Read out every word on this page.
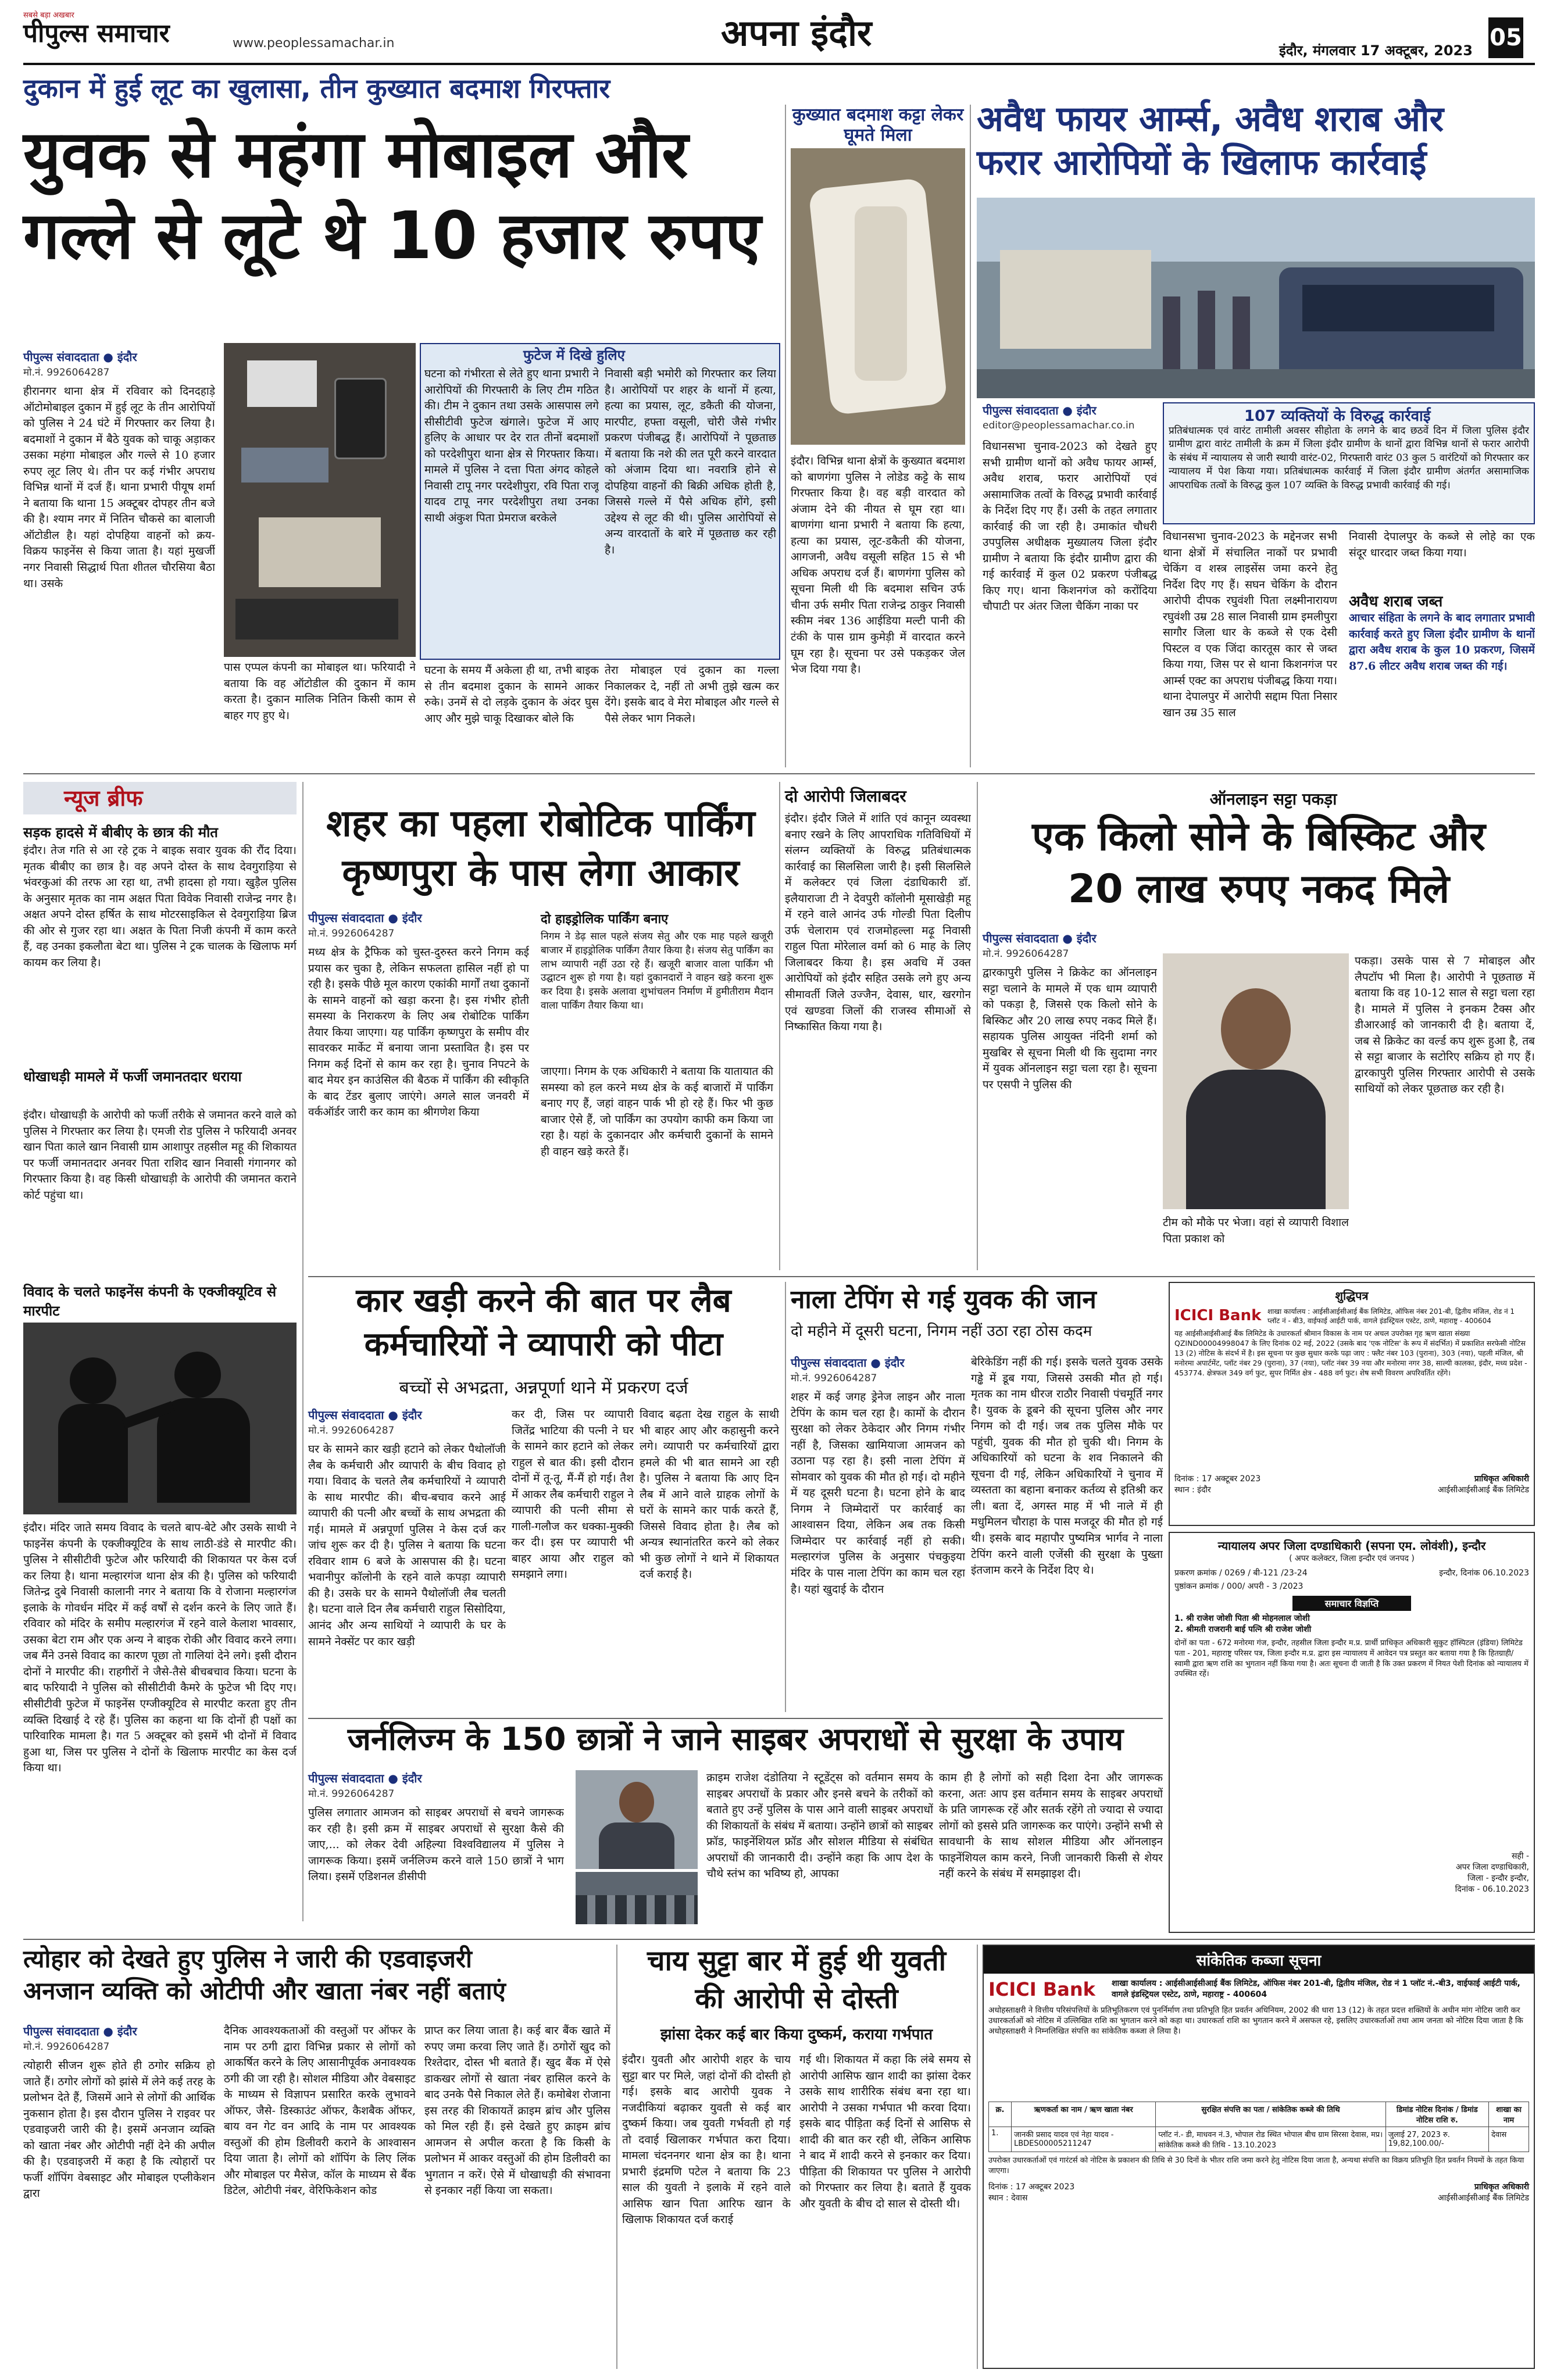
सबसे बड़ा अखबार
पीपुल्स समाचार	www.peoplessamachar.in	अपना इंदौर	इंदौर, मंगलवार 17 अक्टूबर, 2023 05
दुकान में हुई लूट का खुलासा, तीन कुख्यात बदमाश गिरफ्तार
युवक से महंगा मोबाइल और
गल्ले से लूटे थे 10 हजार रुपए
पीपुल्स संवाददाता ● इंदौर
मो.नं. 9926064287
हीरानगर थाना क्षेत्र में रविवार को दिनदहाड़े ऑटोमोबाइल दुकान में हुई लूट के तीन आरोपियों को पुलिस ने 24 घंटे में गिरफ्तार कर लिया है। बदमाशों ने दुकान में बैठे युवक को चाकू अड़ाकर उसका महंगा मोबाइल और गल्ले से 10 हजार रुपए लूट लिए थे। तीन पर कई गंभीर अपराध विभिन्न थानों में दर्ज हैं। थाना प्रभारी पीयूष शर्मा ने बताया कि थाना 15 अक्टूबर दोपहर तीन बजे की है। श्याम नगर में नितिन चौकसे का बालाजी ऑटोडील है। यहां दोपहिया वाहनों को क्रय-विक्रय फाइनेंस से किया जाता है। यहां मुखर्जी नगर निवासी सिद्धार्थ पिता शीतल चौरसिया बैठा था। उसके
पास एप्पल कंपनी का मोबाइल था। फरियादी ने बताया कि वह ऑटोडील की दुकान में काम करता है। दुकान मालिक नितिन किसी काम से बाहर गए हुए थे।
फुटेज में दिखे हुलिए
घटना को गंभीरता से लेते हुए थाना प्रभारी ने आरोपियों की गिरफ्तारी के लिए टीम गठित की। टीम ने दुकान तथा उसके आसपास लगे सीसीटीवी फुटेज खंगाले। फुटेज में आए हुलिए के आधार पर देर रात तीनों बदमाशों को परदेशीपुरा थाना क्षेत्र से गिरफ्तार किया। मामले में पुलिस ने दत्ता पिता अंगद कोहले निवासी टापू नगर परदेशीपुरा, रवि पिता राजू यादव टापू नगर परदेशीपुरा तथा उनका साथी अंकुश पिता प्रेमराज बरकेले
निवासी बड़ी भमोरी को गिरफ्तार कर लिया है। आरोपियों पर शहर के थानों में हत्या, हत्या का प्रयास, लूट, डकैती की योजना, मारपीट, हफ्ता वसूली, चोरी जैसे गंभीर प्रकरण पंजीबद्ध हैं। आरोपियों ने पूछताछ में बताया कि नशे की लत पूरी करने वारदात को अंजाम दिया था। नवरात्रि होने से दोपहिया वाहनों की बिक्री अधिक होती है, जिससे गल्ले में पैसे अधिक होंगे, इसी उद्देश्य से लूट की थी। पुलिस आरोपियों से अन्य वारदातों के बारे में पूछताछ कर रही है।
घटना के समय मैं अकेला ही था, तभी बाइक से तीन बदमाश दुकान के सामने आकर रुके। उनमें से दो लड़के दुकान के अंदर घुस आए और मुझे चाकू दिखाकर बोले कि
तेरा मोबाइल एवं दुकान का गल्ला निकालकर दे, नहीं तो अभी तुझे खत्म कर देंगे। इसके बाद वे मेरा मोबाइल और गल्ले से पैसे लेकर भाग निकले।
कुख्यात बदमाश कट्टा लेकर घूमते मिला
इंदौर। विभिन्न थाना क्षेत्रों के कुख्यात बदमाश को बाणगंगा पुलिस ने लोडेड कट्टे के साथ गिरफ्तार किया है। वह बड़ी वारदात को अंजाम देने की नीयत से घूम रहा था। बाणगंगा थाना प्रभारी ने बताया कि हत्या, हत्या का प्रयास, लूट-डकैती की योजना, आगजनी, अवैध वसूली सहित 15 से भी अधिक अपराध दर्ज हैं। बाणगंगा पुलिस को सूचना मिली थी कि बदमाश सचिन उर्फ चीना उर्फ समीर पिता राजेन्द्र ठाकुर निवासी स्कीम नंबर 136 आईडिया मल्टी पानी की टंकी के पास ग्राम कुमेड़ी में वारदात करने घूम रहा है। सूचना पर उसे पकड़कर जेल भेज दिया गया है।
अवैध फायर आर्म्स, अवैध शराब और
फरार आरोपियों के खिलाफ कार्रवाई
पीपुल्स संवाददाता ● इंदौर
editor@peoplessamachar.co.in
107 व्यक्तियों के विरुद्ध कार्रवाई
प्रतिबंधात्मक एवं वारंट तामीली अवसर सीहोता के लगने के बाद छठवें दिन में जिला पुलिस इंदौर ग्रामीण द्वारा वारंट तामीली के क्रम में जिला इंदौर ग्रामीण के थानों द्वारा विभिन्न थानों से फरार आरोपी के संबंध में न्यायालय से जारी स्थायी वारंट-02, गिरफ्तारी वारंट 03 कुल 5 वारंटियों को गिरफ्तार कर न्यायालय में पेश किया गया। प्रतिबंधात्मक कार्रवाई में जिला इंदौर ग्रामीण अंतर्गत असामाजिक आपराधिक तत्वों के विरुद्ध कुल 107 व्यक्ति के विरुद्ध प्रभावी कार्रवाई की गई।
विधानसभा चुनाव-2023 को देखते हुए सभी ग्रामीण थानों को अवैध फायर आर्म्स, अवैध शराब, फरार आरोपियों एवं असामाजिक तत्वों के विरुद्ध प्रभावी कार्रवाई के निर्देश दिए गए हैं। उसी के तहत लगातार कार्रवाई की जा रही है। उमाकांत चौधरी उपपुलिस अधीक्षक मुख्यालय जिला इंदौर ग्रामीण ने बताया कि इंदौर ग्रामीण द्वारा की गई कार्रवाई में कुल 02 प्रकरण पंजीबद्ध किए गए। थाना किशनगंज को करोंदिया चौपाटी पर अंतर जिला चैकिंग नाका पर
विधानसभा चुनाव-2023 के मद्देनजर सभी थाना क्षेत्रों में संचालित नाकों पर प्रभावी चेकिंग व शस्त्र लाइसेंस जमा करने हेतु निर्देश दिए गए हैं। सघन चेकिंग के दौरान आरोपी दीपक रघुवंशी पिता लक्ष्मीनारायण रघुवंशी उम्र 28 साल निवासी ग्राम इमलीपुरा सागौर जिला धार के कब्जे से एक देसी पिस्टल व एक जिंदा कारतूस कार से जब्त किया गया, जिस पर से थाना किशनगंज पर आर्म्स एक्ट का अपराध पंजीबद्ध किया गया। थाना देपालपुर में आरोपी सद्दाम पिता निसार खान उम्र 35 साल
निवासी देपालपुर के कब्जे से लोहे का एक संदूर धारदार जब्त किया गया।
अवैध शराब जब्त
आचार संहिता के लगने के बाद लगातार प्रभावी कार्रवाई करते हुए जिला इंदौर ग्रामीण के थानों द्वारा अवैध शराब के कुल 10 प्रकरण, जिसमें 87.6 लीटर अवैध शराब जब्त की गई।
न्यूज ब्रीफ
सड़क हादसे में बीबीए के छात्र की मौत
इंदौर। तेज गति से आ रहे ट्रक ने बाइक सवार युवक की रौंद दिया। मृतक बीबीए का छात्र है। वह अपने दोस्त के साथ देवगुराड़िया से भंवरकुआं की तरफ आ रहा था, तभी हादसा हो गया। खुड़ैल पुलिस के अनुसार मृतक का नाम अक्षत पिता विवेक निवासी राजेन्द्र नगर है। अक्षत अपने दोस्त हर्षित के साथ मोटरसाइकिल से देवगुराड़िया ब्रिज की ओर से गुजर रहा था। अक्षत के पिता निजी कंपनी में काम करते हैं, वह उनका इकलौता बेटा था। पुलिस ने ट्रक चालक के खिलाफ मर्ग कायम कर लिया है।
धोखाधड़ी मामले में फर्जी जमानतदार धराया
इंदौर। धोखाधड़ी के आरोपी को फर्जी तरीके से जमानत करने वाले को पुलिस ने गिरफ्तार कर लिया है। एमजी रोड पुलिस ने फरियादी अनवर खान पिता काले खान निवासी ग्राम आशापुर तहसील महू की शिकायत पर फर्जी जमानतदार अनवर पिता राशिद खान निवासी गंगानगर को गिरफ्तार किया है। वह किसी धोखाधड़ी के आरोपी की जमानत कराने कोर्ट पहुंचा था।
विवाद के चलते फाइनेंस कंपनी के एक्जीक्यूटिव से मारपीट
इंदौर। मंदिर जाते समय विवाद के चलते बाप-बेटे और उसके साथी ने फाइनेंस कंपनी के एक्जीक्यूटिव के साथ लाठी-डंडे से मारपीट की। पुलिस ने सीसीटीवी फुटेज और फरियादी की शिकायत पर केस दर्ज कर लिया है। थाना मल्हारगंज थाना क्षेत्र की है। पुलिस को फरियादी जितेन्द्र दुबे निवासी कालानी नगर ने बताया कि वे रोजाना मल्हारगंज इलाके के गोवर्धन मंदिर में कई वर्षों से दर्शन करने के लिए जाते हैं। रविवार को मंदिर के समीप मल्हारगंज में रहने वाले केलाश भावसार, उसका बेटा राम और एक अन्य ने बाइक रोकी और विवाद करने लगा। जब मैंने उनसे विवाद का कारण पूछा तो गालियां देने लगे। इसी दौरान दोनों ने मारपीट की। राहगीरों ने जैसे-तैसे बीचबचाव किया। घटना के बाद फरियादी ने पुलिस को सीसीटीवी कैमरे के फुटेज भी दिए गए। सीसीटीवी फुटेज में फाइनेंस एग्जीक्यूटिव से मारपीट करता हुए तीन व्यक्ति दिखाई दे रहे हैं। पुलिस का कहना था कि दोनों ही पक्षों का पारिवारिक मामला है। गत 5 अक्टूबर को इसमें भी दोनों में विवाद हुआ था, जिस पर पुलिस ने दोनों के खिलाफ मारपीट का केस दर्ज किया था।
शहर का पहला रोबोटिक पार्किंग
कृष्णपुरा के पास लेगा आकार
पीपुल्स संवाददाता ● इंदौर
मो.नं. 9926064287
मध्य क्षेत्र के ट्रैफिक को चुस्त-दुरुस्त करने निगम कई प्रयास कर चुका है, लेकिन सफलता हासिल नहीं हो पा रही है। इसके पीछे मूल कारण एकांकी मार्गों तथा दुकानों के सामने वाहनों को खड़ा करना है। इस गंभीर होती समस्या के निराकरण के लिए अब रोबोटिक पार्किंग तैयार किया जाएगा। यह पार्किंग कृष्णपुरा के समीप वीर सावरकर मार्केट में बनाया जाना प्रस्तावित है। इस पर निगम कई दिनों से काम कर रहा है। चुनाव निपटने के बाद मेयर इन काउंसिल की बैठक में पार्किंग की स्वीकृति के बाद टेंडर बुलाए जाएंगे। अगले साल जनवरी में वर्कऑर्डर जारी कर काम का श्रीगणेश किया
दो हाइड्रोलिक पार्किंग बनाए
निगम ने डेढ़ साल पहले संजय सेतु और एक माह पहले खजूरी बाजार में हाइड्रोलिक पार्किंग तैयार किया है। संजय सेतु पार्किंग का लाभ व्यापारी नहीं उठा रहे हैं। खजूरी बाजार वाला पार्किंग भी उद्घाटन शुरू हो गया है। यहां दुकानदारों ने वाहन खड़े करना शुरू कर दिया है। इसके अलावा शुभांचलन निर्माण में हुमीतीराम मैदान वाला पार्किंग तैयार किया था।
जाएगा। निगम के एक अधिकारी ने बताया कि यातायात की समस्या को हल करने मध्य क्षेत्र के कई बाजारों में पार्किंग बनाए गए हैं, जहां वाहन पार्क भी हो रहे हैं। फिर भी कुछ बाजार ऐसे हैं, जो पार्किंग का उपयोग काफी कम किया जा रहा है। यहां के दुकानदार और कर्मचारी दुकानों के सामने ही वाहन खड़े करते हैं।
दो आरोपी जिलाबदर
इंदौर। इंदौर जिले में शांति एवं कानून व्यवस्था बनाए रखने के लिए आपराधिक गतिविधियों में संलग्न व्यक्तियों के विरुद्ध प्रतिबंधात्मक कार्रवाई का सिलसिला जारी है। इसी सिलसिले में कलेक्टर एवं जिला दंडाधिकारी डॉ. इलैयाराजा टी ने देवपुरी कॉलोनी मूसाखेड़ी महू में रहने वाले आनंद उर्फ गोल्डी पिता दिलीप उर्फ चेलाराम एवं राजमोहल्ला मढ़ू निवासी राहुल पिता मोरेलाल वर्मा को 6 माह के लिए जिलाबदर किया है। इस अवधि में उक्त आरोपियों को इंदौर सहित उसके लगे हुए अन्य सीमावर्ती जिले उज्जैन, देवास, धार, खरगोन एवं खण्डवा जिलों की राजस्व सीमाओं से निष्कासित किया गया है।
ऑनलाइन सट्टा पकड़ा
एक किलो सोने के बिस्किट और
20 लाख रुपए नकद मिले
पीपुल्स संवाददाता ● इंदौर
मो.नं. 9926064287
द्वारकापुरी पुलिस ने क्रिकेट का ऑनलाइन सट्टा चलाने के मामले में एक धाम व्यापारी को पकड़ा है, जिससे एक किलो सोने के बिस्किट और 20 लाख रुपए नकद मिले हैं। सहायक पुलिस आयुक्त नंदिनी शर्मा को मुखबिर से सूचना मिली थी कि सुदामा नगर में युवक ऑनलाइन सट्टा चला रहा है। सूचना पर एसपी ने पुलिस की
टीम को मौके पर भेजा। वहां से व्यापारी विशाल पिता प्रकाश को
पकड़ा। उसके पास से 7 मोबाइल और लैपटॉप भी मिला है। आरोपी ने पूछताछ में बताया कि वह 10-12 साल से सट्टा चला रहा है। मामले में पुलिस ने इनकम टैक्स और डीआरआई को जानकारी दी है। बताया दें, जब से क्रिकेट का वर्ल्ड कप शुरू हुआ है, तब से सट्टा बाजार के सटोरिए सक्रिय हो गए हैं। द्वारकापुरी पुलिस गिरफ्तार आरोपी से उसके साथियों को लेकर पूछताछ कर रही है।
कार खड़ी करने की बात पर लैब
कर्मचारियों ने व्यापारी को पीटा
बच्चों से अभद्रता, अन्नपूर्णा थाने में प्रकरण दर्ज
पीपुल्स संवाददाता ● इंदौर
मो.नं. 9926064287
घर के सामने कार खड़ी हटाने को लेकर पैथोलॉजी लैब के कर्मचारी और व्यापारी के बीच विवाद हो गया। विवाद के चलते लैब कर्मचारियों ने व्यापारी के साथ मारपीट की। बीच-बचाव करने आई व्यापारी की पत्नी और बच्चों के साथ अभद्रता की गई। मामले में अन्नपूर्णा पुलिस ने केस दर्ज कर जांच शुरू कर दी है। पुलिस ने बताया कि घटना रविवार शाम 6 बजे के आसपास की है। घटना भवानीपुर कॉलोनी के रहने वाले कपड़ा व्यापारी की है। उसके घर के सामने पैथोलॉजी लैब चलती है। घटना वाले दिन लैब कर्मचारी राहुल सिसोदिया, आनंद और अन्य साथियों ने व्यापारी के घर के सामने नेक्सेंट पर कार खड़ी
कर दी, जिस पर व्यापारी जितेंद्र भाटिया की पत्नी ने घर के सामने कार हटाने को लेकर राहुल से बात की। इसी दौरान दोनों में तू-तू, मैं-मैं हो गई। तैश में आकर लैब कर्मचारी राहुल ने व्यापारी की पत्नी सीमा से गाली-गलौज कर धक्का-मुक्की कर दी। इस पर व्यापारी भी बाहर आया और राहुल को समझाने लगा।
विवाद बढ़ता देख राहुल के साथी भी बाहर आए और कहासुनी करने लगे। व्यापारी पर कर्मचारियों द्वारा हमले की भी बात सामने आ रही है। पुलिस ने बताया कि आए दिन लैब में आने वाले ग्राहक लोगों के घरों के सामने कार पार्क करते हैं, जिससे विवाद होता है। लैब को अन्यत्र स्थानांतरित करने को लेकर भी कुछ लोगों ने थाने में शिकायत दर्ज कराई है।
नाला टेपिंग से गई युवक की जान
दो महीने में दूसरी घटना, निगम नहीं उठा रहा ठोस कदम
पीपुल्स संवाददाता ● इंदौर
मो.नं. 9926064287
शहर में कई जगह ड्रेनेज लाइन और नाला टेपिंग के काम चल रहा है। कामों के दौरान सुरक्षा को लेकर ठेकेदार और निगम गंभीर नहीं है, जिसका खामियाजा आमजन को उठाना पड़ रहा है। इसी नाला टेपिंग में सोमवार को युवक की मौत हो गई। दो महीने में यह दूसरी घटना है। घटना होने के बाद निगम ने जिम्मेदारों पर कार्रवाई का आश्वासन दिया, लेकिन अब तक किसी जिम्मेदार पर कार्रवाई नहीं हो सकी। मल्हारगंज पुलिस के अनुसार पंचकुइया मंदिर के पास नाला टेपिंग का काम चल रहा है। यहां खुदाई के दौरान
बेरिकेडिंग नहीं की गई। इसके चलते युवक उसके गड्ढे में डूब गया, जिससे उसकी मौत हो गई। मृतक का नाम धीरज राठौर निवासी पंचमूर्ति नगर है। युवक के डूबने की सूचना पुलिस और नगर निगम को दी गई। जब तक पुलिस मौके पर पहुंची, युवक की मौत हो चुकी थी। निगम के अधिकारियों को घटना के शव निकालने की सूचना दी गई, लेकिन अधिकारियों ने चुनाव में व्यस्तता का बहाना बनाकर कर्तव्य से इतिश्री कर ली। बता दें, अगस्त माह में भी नाले में ही मधुमिलन चौराहा के पास मजदूर की मौत हो गई थी। इसके बाद महापौर पुष्यमित्र भार्गव ने नाला टेपिंग करने वाली एजेंसी की सुरक्षा के पुख्ता इंतजाम करने के निर्देश दिए थे।
शुद्धिपत्र
ICICI Bank शाखा कार्यालय : आईसीआईसीआई बैंक लिमिटेड, ऑफिस नंबर 201-बी, द्वितीय मंजिल, रोड नं 1 प्लॉट नं - बी3, वाईफाई आईटी पार्क, वागले इंडस्ट्रियल एस्टेट, ठाणे, महाराष्ट्र - 400604
यह आईसीआईसीआई बैंक लिमिटेड के उधारकर्ता श्रीमान विकास के नाम पर अचल उपरोक्त गृह ऋण खाता संख्या QZIND00004998047 के लिए दिनांक 02 मई, 2022 (उसके बाद 'एक नोटिस' के रूप में संदर्भित) में प्रकाशित सरफेसी नोटिस 13 (2) नोटिस के संदर्भ में है। इस सूचना पर कुछ सुधार करके पढ़ा जाए : फ्लैट नंबर 103 (पुराना), 303 (नया), पहली मंजिल, श्री मनोरमा अपार्टमेंट, प्लॉट नंबर 29 (पुराना), 37 (नया), प्लॉट नंबर 39 नया और मनोरमा नगर 38, साल्यी कालका, इंदौर, मध्य प्रदेश - 453774. क्षेत्रफल 349 वर्ग फुट, सुपर निर्मित क्षेत्र - 488 वर्ग फुट। शेष सभी विवरण अपरिवर्तित रहेंगे।
दिनांक : 17 अक्टूबर 2023
स्थान : इंदौर
प्राधिकृत अधिकारी
आईसीआईसीआई बैंक लिमिटेड
न्यायालय अपर जिला दण्डाधिकारी (सपना एम. लोवंशी), इन्दौर
( अपर कलेक्टर, जिला इन्दौर एवं जनपद )
प्रकरण क्रमांक / 0269 / बी-121 /23-24	इन्दौर, दिनांक 06.10.2023
पुष्ठांकन क्रमांक / 000/ अपरी - 3 /2023
समाचार विज्ञप्ति
1. श्री राजेश जोशी पिता श्री मोहनलाल जोशी
2. श्रीमती राजरानी बाई पत्नि श्री राजेश जोशी
दोनों का पता - 672 मनोरमा गंज, इन्दौर, तहसील जिला इन्दौर म.प्र. प्रार्थी प्राधिकृत अधिकारी सुकुट हॉस्पिटल (इंडिया) लिमिटेड पता - 201, महाराष्ट्र परिसर पत्र, जिला इन्दौर म.प्र. द्वारा इस न्यायालय में आवेदन पत्र प्रस्तुत कर बताया गया है कि हितग्राही/स्वामी द्वारा ऋण राशि का भुगतान नहीं किया गया है। अतः सूचना दी जाती है कि उक्त प्रकरण में नियत पेशी दिनांक को न्यायालय में उपस्थित रहें।
सही -
अपर जिला दण्डाधिकारी,
जिला - इन्दौर इन्दौर,
दिनांक - 06.10.2023
जर्नलिज्म के 150 छात्रों ने जाने साइबर अपराधों से सुरक्षा के उपाय
पीपुल्स संवाददाता ● इंदौर
मो.नं. 9926064287
पुलिस लगातार आमजन को साइबर अपराधों से बचने जागरूक कर रही है। इसी क्रम में साइबर अपराधों से सुरक्षा कैसे की जाए,... को लेकर देवी अहिल्या विश्वविद्यालय में पुलिस ने जागरूक किया। इसमें जर्नलिज्म करने वाले 150 छात्रों ने भाग लिया। इसमें एडिशनल डीसीपी
क्राइम राजेश दंडोतिया ने स्टूडेंट्स को वर्तमान समय के साइबर अपराधों के प्रकार और इनसे बचने के तरीकों को बताते हुए उन्हें पुलिस के पास आने वाली साइबर अपराधों की शिकायतों के संबंध में बताया। उन्होंने छात्रों को साइबर फ्रॉड, फाइनेंशियल फ्रॉड और सोशल मीडिया से संबंधित अपराधों की जानकारी दी। उन्होंने कहा कि आप देश के चौथे स्तंभ का भविष्य हो, आपका
काम ही है लोगों को सही दिशा देना और जागरूक करना, अतः आप इस वर्तमान समय के साइबर अपराधों के प्रति जागरूक रहें और सतर्क रहेंगे तो ज्यादा से ज्यादा लोगों को इससे प्रति जागरूक कर पाएंगे। उन्होंने सभी से सावधानी के साथ सोशल मीडिया और ऑनलाइन फाइनेंशियल काम करने, निजी जानकारी किसी से शेयर नहीं करने के संबंध में समझाइश दी।
त्योहार को देखते हुए पुलिस ने जारी की एडवाइजरी
अनजान व्यक्ति को ओटीपी और खाता नंबर नहीं बताएं
पीपुल्स संवाददाता ● इंदौर
मो.नं. 9926064287
त्योहारी सीजन शुरू होते ही ठगोर सक्रिय हो जाते हैं। ठगोर लोगों को झांसे में लेने कई तरह के प्रलोभन देते हैं, जिसमें आने से लोगों की आर्थिक नुकसान होता है। इस दौरान पुलिस ने राइवर पर एडवाइजरी जारी की है। इसमें अनजान व्यक्ति को खाता नंबर और ओटीपी नहीं देने की अपील की है। एडवाइजरी में कहा है कि त्योहारों पर फर्जी शॉपिंग वेबसाइट और मोबाइल एप्लीकेशन द्वारा
दैनिक आवश्यकताओं की वस्तुओं पर ऑफर के नाम पर ठगी द्वारा विभिन्न प्रकार से लोगों को आकर्षित करने के लिए आसानीपूर्वक अनावश्यक ठगी की जा रही है। सोशल मीडिया और वेबसाइट के माध्यम से विज्ञापन प्रसारित करके लुभावने ऑफर, जैसे- डिस्काउंट ऑफर, कैशबैक ऑफर, बाय वन गेट वन आदि के नाम पर आवश्यक वस्तुओं की होम डिलीवरी कराने के आश्वासन दिया जाता है। लोगों को शॉपिंग के लिए लिंक और मोबाइल पर मैसेज, कॉल के माध्यम से बैंक डिटेल, ओटीपी नंबर, वेरिफिकेशन कोड
प्राप्त कर लिया जाता है। कई बार बैंक खाते में रुपए जमा करवा लिए जाते हैं। ठगोरों खुद को रिश्तेदार, दोस्त भी बताते हैं। खुद बैंक में ऐसे डाकखर लोगों से खाता नंबर हासिल करने के बाद उनके पैसे निकाल लेते हैं। कमोबेश रोजाना इस तरह की शिकायतें क्राइम ब्रांच और पुलिस को मिल रही हैं। इसे देखते हुए क्राइम ब्रांच आमजन से अपील करता है कि किसी के प्रलोभन में आकर वस्तुओं की होम डिलीवरी का भुगतान न करें। ऐसे में धोखाधड़ी की संभावना से इनकार नहीं किया जा सकता।
चाय सुट्टा बार में हुई थी युवती
की आरोपी से दोस्ती
झांसा देकर कई बार किया दुष्कर्म, कराया गर्भपात
इंदौर। युवती और आरोपी शहर के चाय सुट्टा बार पर मिले, जहां दोनों की दोस्ती हो गई। इसके बाद आरोपी युवक ने नजदीकियां बढ़ाकर युवती से कई बार दुष्कर्म किया। जब युवती गर्भवती हो गई तो दवाई खिलाकर गर्भपात करा दिया। मामला चंदननगर थाना क्षेत्र का है। थाना प्रभारी इंद्रमणि पटेल ने बताया कि 23 साल की युवती ने इलाके में रहने वाले आसिफ खान पिता आरिफ खान के खिलाफ शिकायत दर्ज कराई
गई थी। शिकायत में कहा कि लंबे समय से आरोपी आसिफ खान शादी का झांसा देकर उसके साथ शारीरिक संबंध बना रहा था। आरोपी ने उसका गर्भपात भी करवा दिया। इसके बाद पीड़िता कई दिनों से आसिफ से शादी की बात कर रही थी, लेकिन आसिफ ने बाद में शादी करने से इनकार कर दिया। पीड़िता की शिकायत पर पुलिस ने आरोपी को गिरफ्तार कर लिया है। बताते हैं युवक और युवती के बीच दो साल से दोस्ती थी।
सांकेतिक कब्जा सूचना
ICICI Bank	शाखा कार्यालय : आईसीआईसीआई बैंक लिमिटेड, ऑफिस नंबर 201-बी, द्वितीय मंजिल, रोड नं 1 प्लॉट नं.-बी3, वाईफाई आईटी पार्क, वागले इंडस्ट्रियल एस्टेट, ठाणे, महाराष्ट्र - 400604
अधोहस्ताक्षरी ने वित्तीय परिसंपत्तियों के प्रतिभूतिकरण एवं पुनर्निर्माण तथा प्रतिभूति हित प्रवर्तन अधिनियम, 2002 की धारा 13 (12) के तहत प्रदत्त शक्तियों के अधीन मांग नोटिस जारी कर उधारकर्ताओं को नोटिस में उल्लिखित राशि का भुगतान करने को कहा था। उधारकर्ता राशि का भुगतान करने में असफल रहे, इसलिए उधारकर्ताओं तथा आम जनता को नोटिस दिया जाता है कि अधोहस्ताक्षरी ने निम्नलिखित संपत्ति का सांकेतिक कब्जा ले लिया है।
क्र.	ऋणकर्ता का नाम / ऋण खाता नंबर	सुरक्षित संपत्ति का पता / सांकेतिक कब्जे की तिथि	डिमांड नोटिस दिनांक / डिमांड नोटिस राशि रु.	शाखा का नाम
1.	जानकी प्रसाद यादव एवं नेहा यादव - LBDES00005211247	प्लॉट नं.- डी, माधवन नं.3, भोपाल रोड स्थित भोपाल बीच ग्राम सिरसा देवास, मप्र। सांकेतिक कब्जे की तिथि - 13.10.2023	जुलाई 27, 2023 रु. 19,82,100.00/-	देवास
उपरोक्त उधारकर्ताओं एवं गारंटर्स को नोटिस के प्रकाशन की तिथि से 30 दिनों के भीतर राशि जमा करने हेतु नोटिस दिया जाता है, अन्यथा संपत्ति का विक्रय प्रतिभूति हित प्रवर्तन नियमों के तहत किया जाएगा।
दिनांक : 17 अक्टूबर 2023
स्थान : देवास
प्राधिकृत अधिकारी
आईसीआईसीआई बैंक लिमिटेड
